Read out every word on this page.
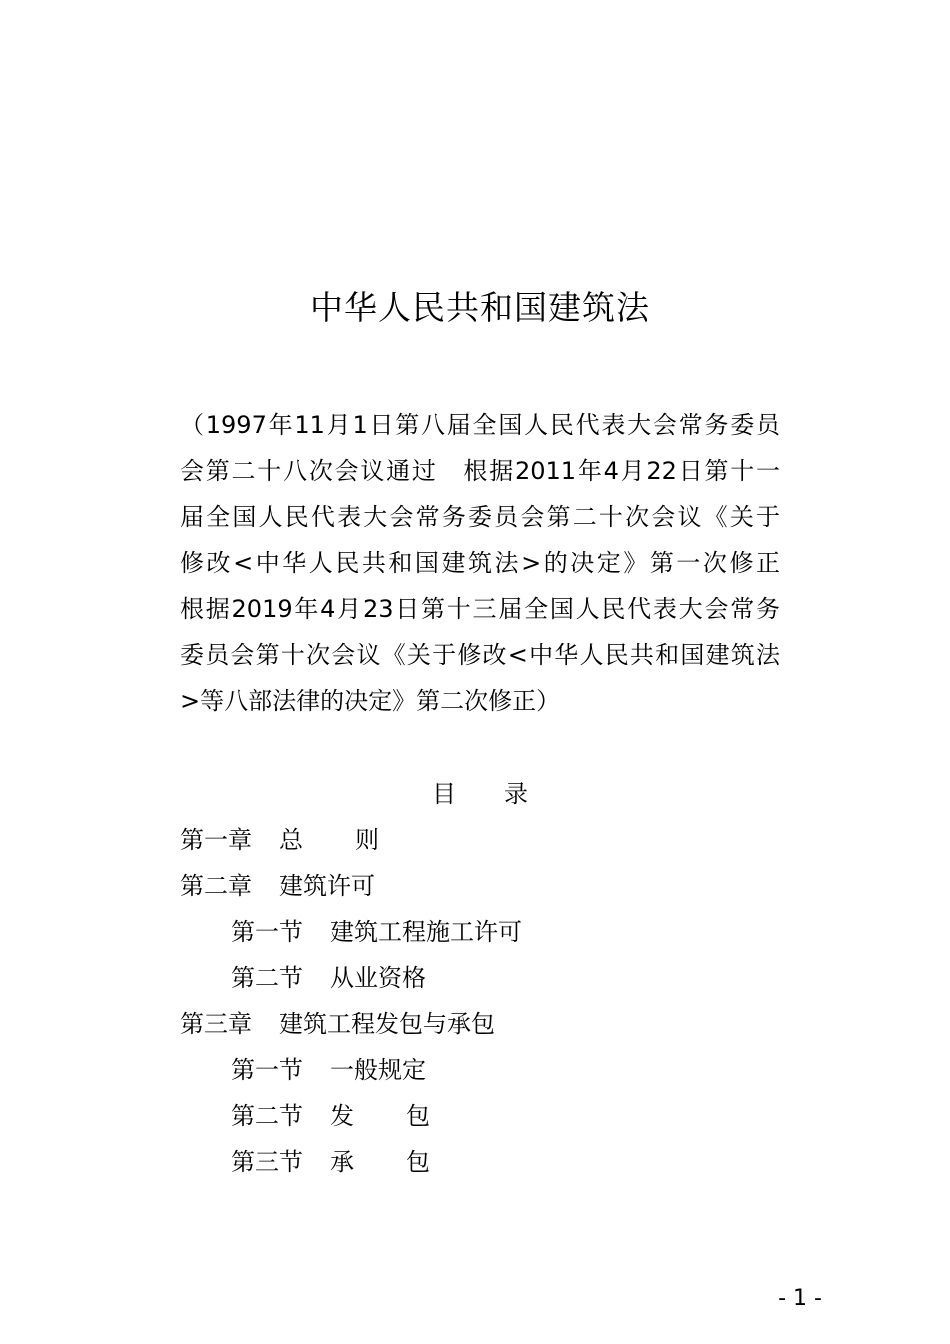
中华人民共和国建筑法
（1997年11月1日第八届全国人民代表大会常务委员
会第二十八次会议通过　根据2011年4月22日第十一
届全国人民代表大会常务委员会第二十次会议《关于
修改<中华人民共和国建筑法>的决定》第一次修正
根据2019年4月23日第十三届全国人民代表大会常务
委员会第十次会议《关于修改<中华人民共和国建筑法
>等八部法律的决定》第二次修正）
目 录
第一章 总　　则
第二章 建筑许可
第一节 建筑工程施工许可
第二节 从业资格
第三章 建筑工程发包与承包
第一节 一般规定
第二节 发　　包
第三节 承　　包
- 1 -
